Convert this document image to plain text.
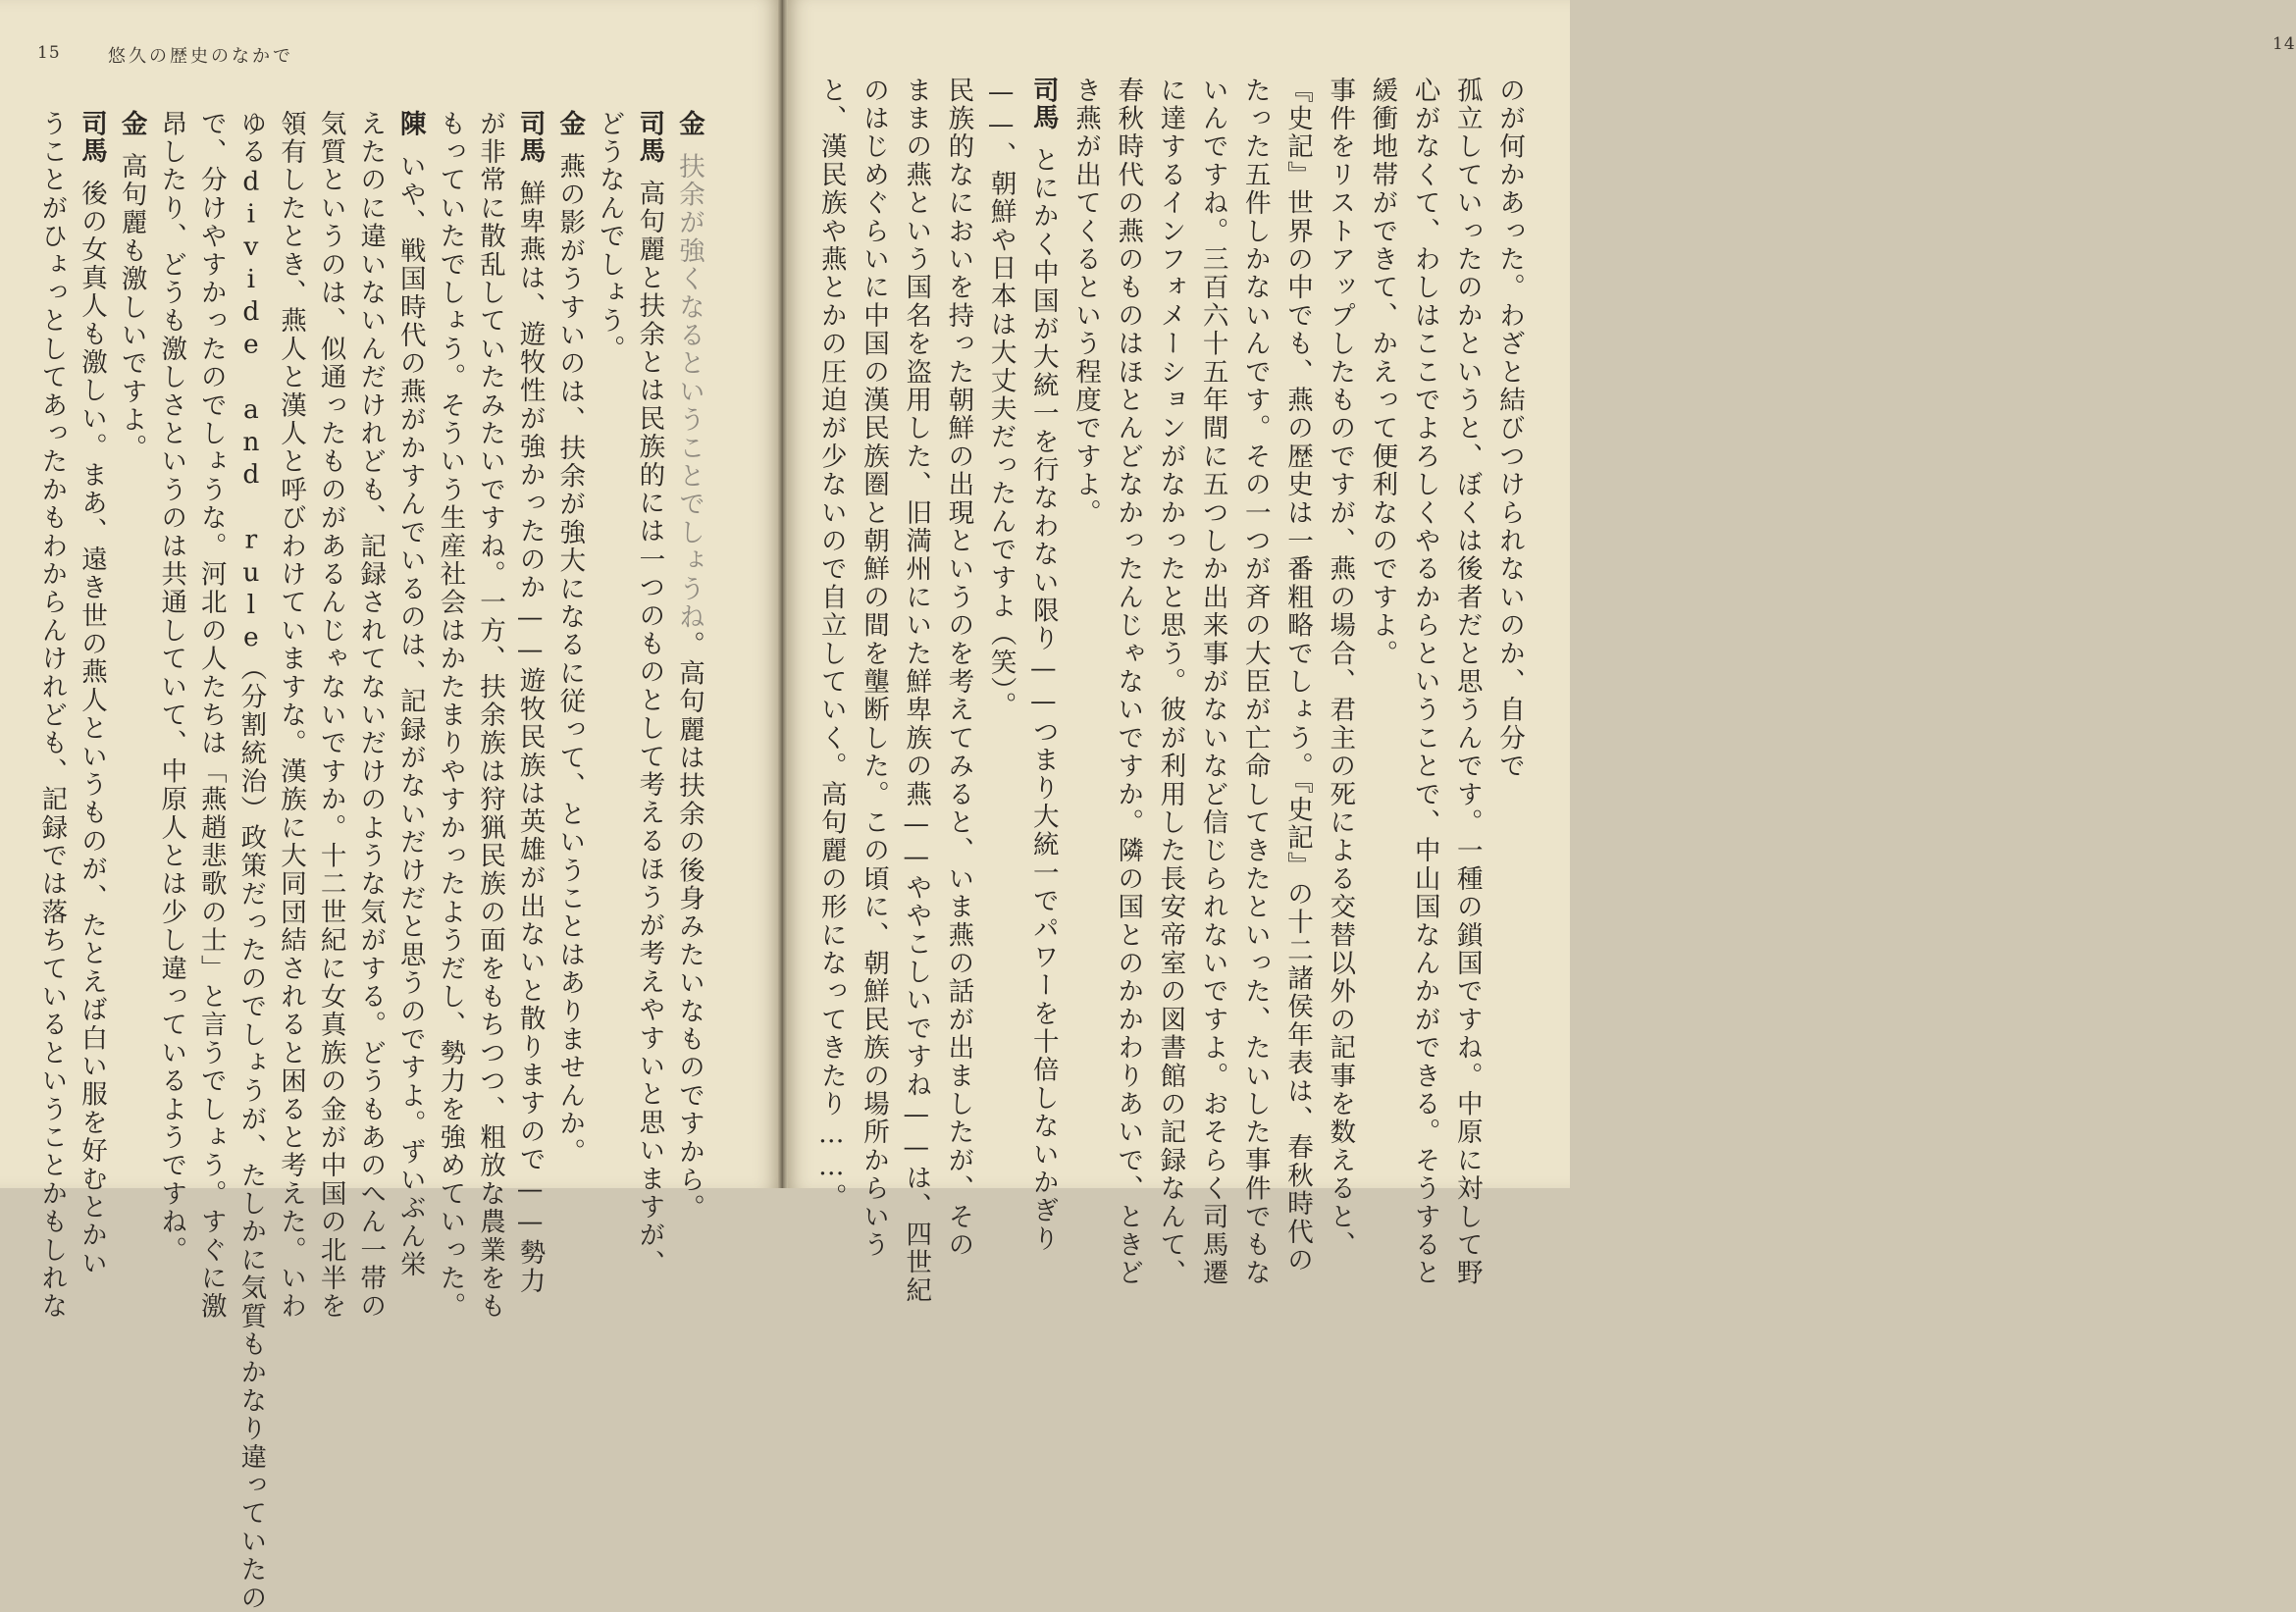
15	悠久の歴史のなかで
金扶余が強くなるということでしょうね。高句麗は扶余の後身みたいなものですから。
司馬高句麗と扶余とは民族的には一つのものとして考えるほうが考えやすいと思いますが、
どうなんでしょう。
金燕の影がうすいのは、扶余が強大になるに従って、ということはありませんか。
司馬鮮卑燕は、遊牧性が強かったのか——遊牧民族は英雄が出ないと散りますので——勢力
が非常に散乱していたみたいですね。一方、扶余族は狩猟民族の面をもちつつ、粗放な農業をも
もっていたでしょう。そういう生産社会はかたまりやすかったようだし、勢力を強めていった。
陳いや、戦国時代の燕がかすんでいるのは、記録がないだけだと思うのですよ。ずいぶん栄
えたのに違いないんだけれども、記録されてないだけのような気がする。どうもあのへん一帯の
気質というのは、似通ったものがあるんじゃないですか。十二世紀に女真族の金が中国の北半を
領有したとき、燕人と漢人と呼びわけていますな。漢族に大同団結されると困ると考えた。いわ
ゆるdivide and rule（分割統治）政策だったのでしょうが、たしかに気質もかなり違っていたの
で、分けやすかったのでしょうな。河北の人たちは「燕趙悲歌の士」と言うでしょう。すぐに激
昂したり、どうも激しさというのは共通していて、中原人とは少し違っているようですね。
金高句麗も激しいですよ。
司馬後の女真人も激しい。まあ、遠き世の燕人というものが、たとえば白い服を好むとかい
うことがひょっとしてあったかもわからんけれども、記録では落ちているということかもしれな
14
のが何かあった。わざと結びつけられないのか、自分で
孤立していったのかというと、ぼくは後者だと思うんです。一種の鎖国ですね。中原に対して野
心がなくて、わしはここでよろしくやるからということで、中山国なんかができる。そうすると
緩衝地帯ができて、かえって便利なのですよ。
事件をリストアップしたものですが、燕の場合、君主の死による交替以外の記事を数えると、
『史記』世界の中でも、燕の歴史は一番粗略でしょう。『史記』の十二諸侯年表は、春秋時代の
たった五件しかないんです。その一つが斉の大臣が亡命してきたといった、たいした事件でもな
いんですね。三百六十五年間に五つしか出来事がないなど信じられないですよ。おそらく司馬遷
に達するインフォメーションがなかったと思う。彼が利用した長安帝室の図書館の記録なんて、
春秋時代の燕のものはほとんどなかったんじゃないですか。隣の国とのかかわりあいで、ときど
き燕が出てくるという程度ですよ。
司馬とにかく中国が大統一を行なわない限り——つまり大統一でパワーを十倍しないかぎり
——、朝鮮や日本は大丈夫だったんですよ（笑）。
民族的なにおいを持った朝鮮の出現というのを考えてみると、いま燕の話が出ましたが、その
ままの燕という国名を盗用した、旧満州にいた鮮卑族の燕——ややこしいですね——は、四世紀
のはじめぐらいに中国の漢民族圏と朝鮮の間を壟断した。この頃に、朝鮮民族の場所からいう
と、漢民族や燕とかの圧迫が少ないので自立していく。高句麗の形になってきたり……。
